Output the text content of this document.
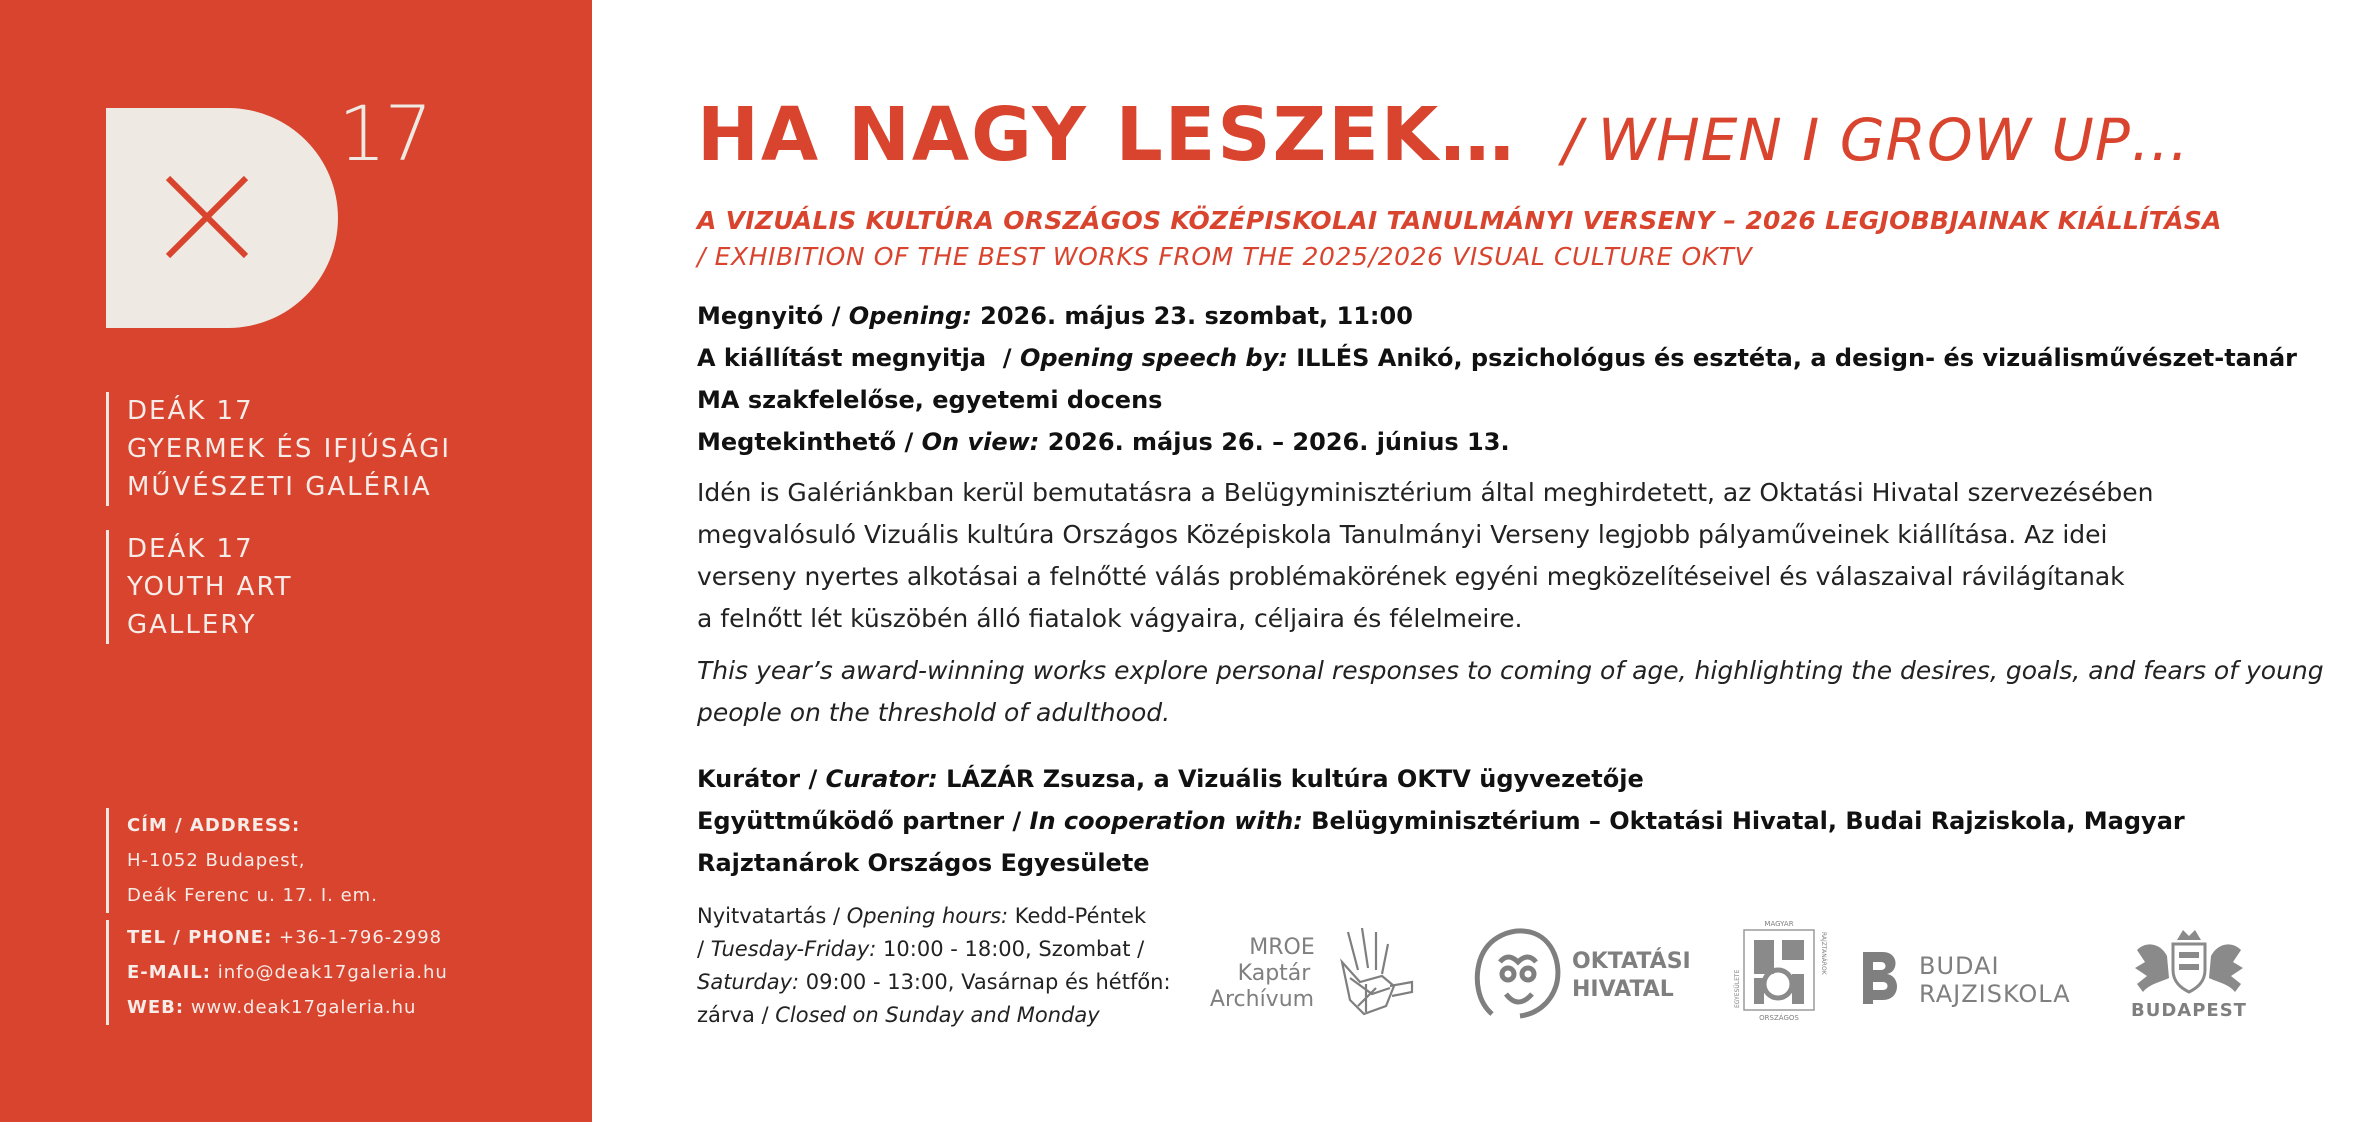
17
DEÁK 17
GYERMEK ÉS IFJÚSÁGI
MŰVÉSZETI GALÉRIA
DEÁK 17
YOUTH ART
GALLERY
CÍM / ADDRESS:
H-1052 Budapest,
Deák Ferenc u. 17. I. em.
TEL / PHONE: +36-1-796-2998
E-MAIL: info@deak17galeria.hu
WEB: www.deak17galeria.hu
HA NAGY LESZEK… / WHEN I GROW UP…
A VIZUÁLIS KULTÚRA ORSZÁGOS KÖZÉPISKOLAI TANULMÁNYI VERSENY – 2026 LEGJOBBJAINAK KIÁLLÍTÁSA
/ EXHIBITION OF THE BEST WORKS FROM THE 2025/2026 VISUAL CULTURE OKTV
Megnyitó / Opening: 2026. május 23. szombat, 11:00
A kiállítást megnyitja  / Opening speech by: ILLÉS Anikó, pszichológus és esztéta, a design- és vizuálisművészet-tanár
MA szakfelelőse, egyetemi docens
Megtekinthető / On view: 2026. május 26. – 2026. június 13.
Idén is Galériánkban kerül bemutatásra a Belügyminisztérium által meghirdetett, az Oktatási Hivatal szervezésében
megvalósuló Vizuális kultúra Országos Középiskola Tanulmányi Verseny legjobb pályaműveinek kiállítása. Az idei
verseny nyertes alkotásai a felnőtté válás problémakörének egyéni megközelítéseivel és válaszaival rávilágítanak
a felnőtt lét küszöbén álló fiatalok vágyaira, céljaira és félelmeire.
This year’s award-winning works explore personal responses to coming of age, highlighting the desires, goals, and fears of young
people on the threshold of adulthood.
Kurátor / Curator: LÁZÁR Zsuzsa, a Vizuális kultúra OKTV ügyvezetője
Együttműködő partner / In cooperation with: Belügyminisztérium – Oktatási Hivatal, Budai Rajziskola, Magyar
Rajztanárok Országos Egyesülete
Nyitvatartás / Opening hours: Kedd-Péntek
/ Tuesday-Friday: 10:00 - 18:00, Szombat /
Saturday: 09:00 - 13:00, Vasárnap és hétfőn:
zárva / Closed on Sunday and Monday
MROE
Kaptár
Archívum
OKTATÁSI
HIVATAL
MAGYAR
RAJZTANÁROK
ORSZÁGOS
EGYESÜLETE
BUDAI
RAJZISKOLA
BUDAPEST
